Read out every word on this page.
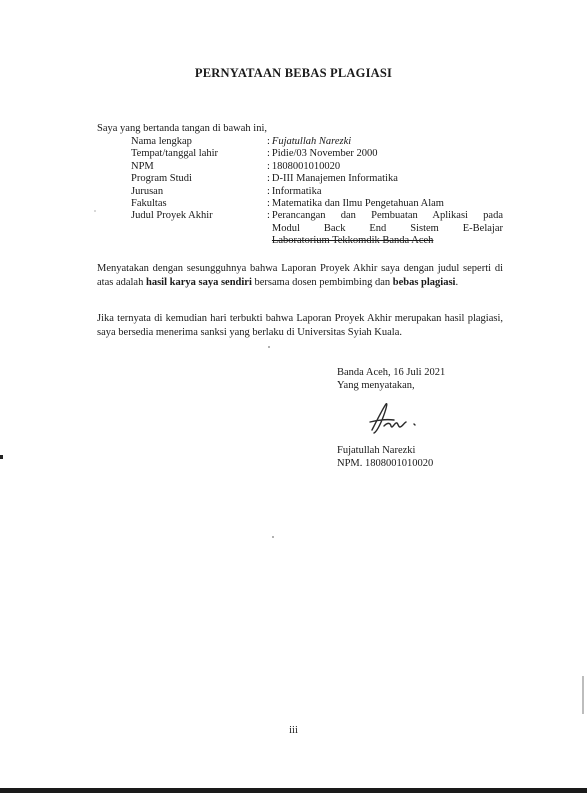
PERNYATAAN BEBAS PLAGIASI
Saya yang bertanda tangan di bawah ini,
Nama lengkap	: Fujatullah Narezki
Tempat/tanggal lahir	: Pidie/03 November 2000
NPM	: 1808001010020
Program Studi	: D-III Manajemen Informatika
Jurusan	: Informatika
Fakultas	: Matematika dan Ilmu Pengetahuan Alam
Judul Proyek Akhir	: Perancangan dan Pembuatan Aplikasi pada
Modul Back End Sistem E-Belajar
Laboratorium Tekkomdik Banda Aceh
Menyatakan dengan sesungguhnya bahwa Laporan Proyek Akhir saya dengan judul seperti di atas adalah hasil karya saya sendiri bersama dosen pembimbing dan bebas plagiasi.
Jika ternyata di kemudian hari terbukti bahwa Laporan Proyek Akhir merupakan hasil plagiasi, saya bersedia menerima sanksi yang berlaku di Universitas Syiah Kuala.
Banda Aceh, 16 Juli 2021
Yang menyatakan,
Fujatullah Narezki
NPM. 1808001010020
iii
